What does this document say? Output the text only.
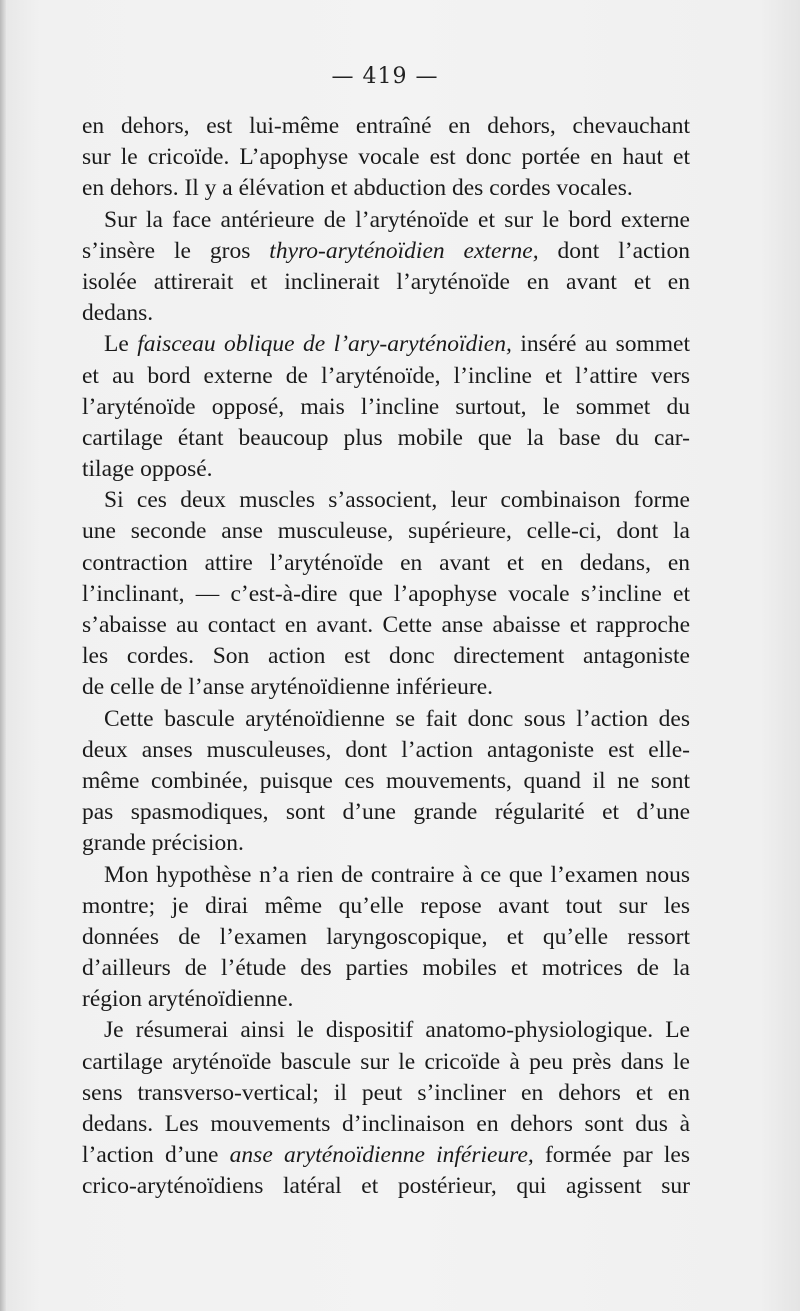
— 419 —
en dehors, est lui-même entraîné en dehors, chevauchant
sur le cricoïde. L’apophyse vocale est donc portée en haut et
en dehors. Il y a élévation et abduction des cordes vocales.
Sur la face antérieure de l’aryténoïde et sur le bord externe
s’insère le gros thyro-aryténoïdien externe, dont l’action
isolée attirerait et inclinerait l’aryténoïde en avant et en
dedans.
Le faisceau oblique de l’ary-aryténoïdien, inséré au sommet
et au bord externe de l’aryténoïde, l’incline et l’attire vers
l’aryténoïde opposé, mais l’incline surtout, le sommet du
cartilage étant beaucoup plus mobile que la base du car-
tilage opposé.
Si ces deux muscles s’associent, leur combinaison forme
une seconde anse musculeuse, supérieure, celle-ci, dont la
contraction attire l’aryténoïde en avant et en dedans, en
l’inclinant, — c’est-à-dire que l’apophyse vocale s’incline et
s’abaisse au contact en avant. Cette anse abaisse et rapproche
les cordes. Son action est donc directement antagoniste
de celle de l’anse aryténoïdienne inférieure.
Cette bascule aryténoïdienne se fait donc sous l’action des
deux anses musculeuses, dont l’action antagoniste est elle-
même combinée, puisque ces mouvements, quand il ne sont
pas spasmodiques, sont d’une grande régularité et d’une
grande précision.
Mon hypothèse n’a rien de contraire à ce que l’examen nous
montre; je dirai même qu’elle repose avant tout sur les
données de l’examen laryngoscopique, et qu’elle ressort
d’ailleurs de l’étude des parties mobiles et motrices de la
région aryténoïdienne.
Je résumerai ainsi le dispositif anatomo-physiologique. Le
cartilage aryténoïde bascule sur le cricoïde à peu près dans le
sens transverso-vertical; il peut s’incliner en dehors et en
dedans. Les mouvements d’inclinaison en dehors sont dus à
l’action d’une anse aryténoïdienne inférieure, formée par les
crico-aryténoïdiens latéral et postérieur, qui agissent sur
